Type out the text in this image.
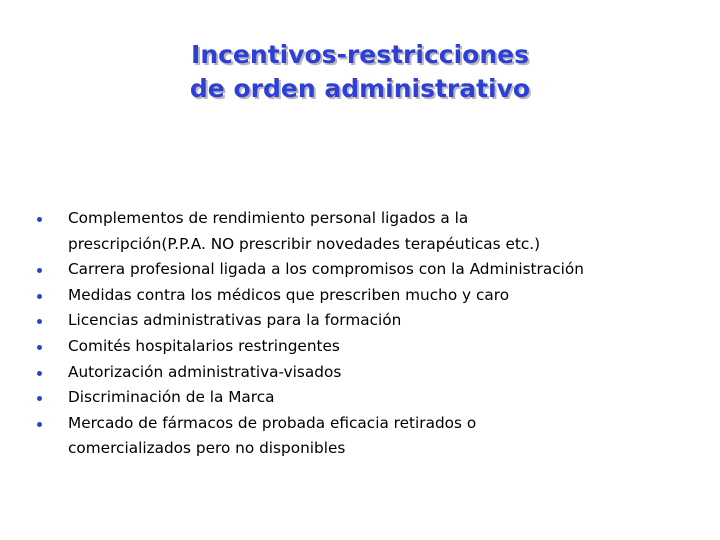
Incentivos-restricciones
de orden administrativo
Complementos de rendimiento personal ligados a la
prescripción(P.P.A. NO prescribir novedades terapéuticas etc.)
Carrera profesional ligada a los compromisos con la Administración
Medidas contra los médicos que prescriben mucho y caro
Licencias administrativas para la formación
Comités hospitalarios restringentes
Autorización administrativa-visados
Discriminación de la Marca
Mercado de fármacos de probada eficacia retirados o
comercializados pero no disponibles
